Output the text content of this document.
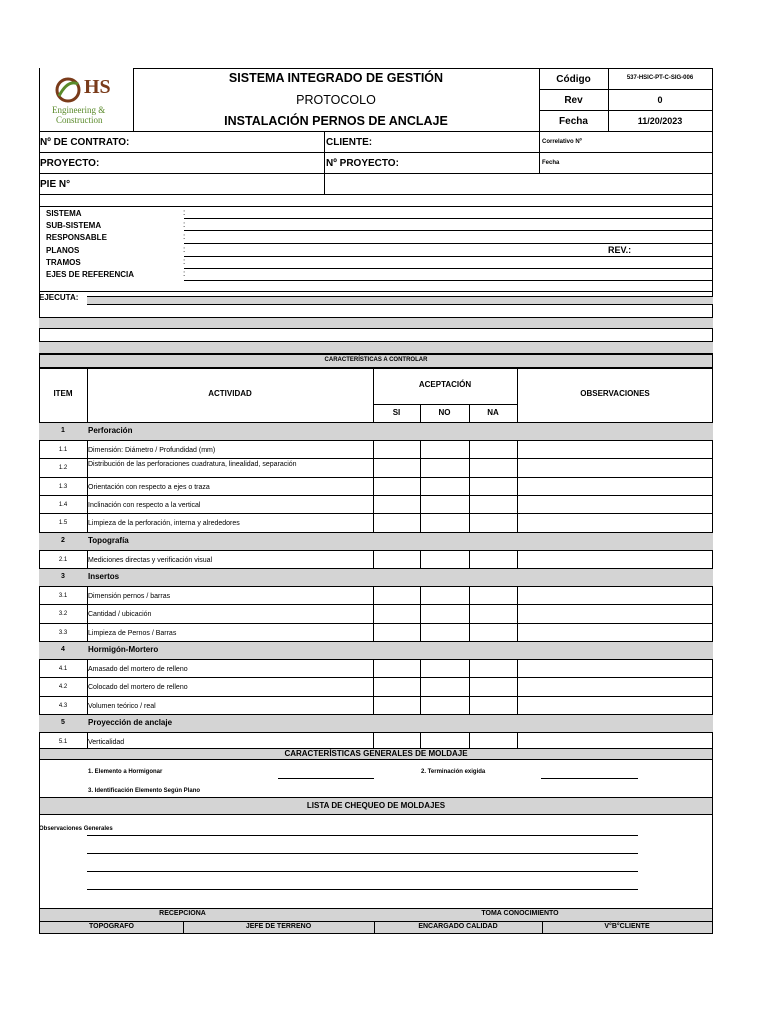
HS
Engineering &
Construction
SISTEMA INTEGRADO DE GESTIÓN
PROTOCOLO
INSTALACIÓN PERNOS DE ANCLAJE
Código	537-HSIC-PT-C-SIG-006
Rev	0
Fecha	11/20/2023
Nº DE CONTRATO:	CLIENTE:	Correlativo Nº
PROYECTO:	Nº PROYECTO:	Fecha
PIE N°
SISTEMA
SUB-SISTEMA
RESPONSABLE
PLANOS
TRAMOS
EJES DE REFERENCIA
:
:
:
:
:
:
REV.:
EJECUTA:
CARACTERÍSTICAS A CONTROLAR
ITEM	ACTIVIDAD
ACEPTACIÓN
SI	NO	NA
OBSERVACIONES
1	Perforación
1.1	Dimensión: Diámetro / Profundidad (mm)
1.2	Distribución de las perforaciones cuadratura, linealidad, separación
1.3	Orientación con respecto a ejes o traza
1.4	Inclinación con respecto a la vertical
1.5	Limpieza de la perforación, interna y alrededores
2	Topografía
2.1	Mediciones directas y verificación visual
3	Insertos
3.1	Dimensión pernos / barras
3.2	Cantidad / ubicación
3.3	Limpieza de Pernos / Barras
4	Hormigón-Mortero
4.1	Amasado del mortero de relleno
4.2	Colocado del mortero de relleno
4.3	Volumen teórico / real
5	Proyección de anclaje
5.1	Verticalidad
CARACTERÍSTICAS GENERALES DE MOLDAJE
1. Elemento a Hormigonar	2. Terminación exigida
3. Identificación Elemento Según Plano
LISTA DE CHEQUEO DE MOLDAJES
Observaciones Generales
RECEPCIONA	TOMA CONOCIMIENTO
TOPOGRAFO	JEFE DE TERRENO	ENCARGADO CALIDAD	V°B°CLIENTE
